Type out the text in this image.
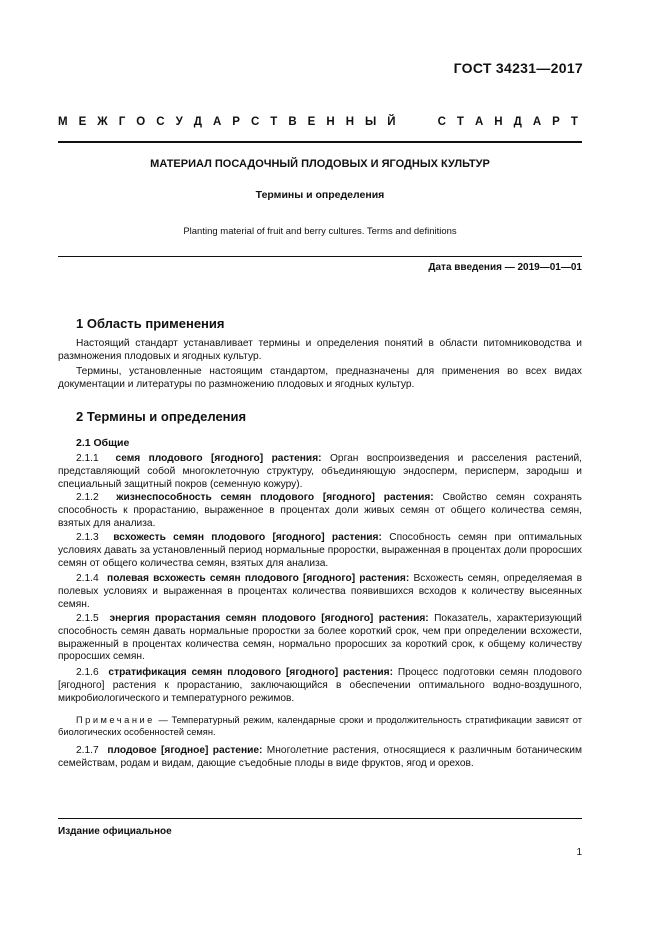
ГОСТ 34231—2017
М Е Ж Г О С У Д А Р С Т В Е Н Н Ы Й	С Т А Н Д А Р Т
МАТЕРИАЛ ПОСАДОЧНЫЙ ПЛОДОВЫХ И ЯГОДНЫХ КУЛЬТУР
Термины и определения
Planting material of fruit and berry cultures. Terms and definitions
Дата введения — 2019—01—01
1 Область применения
Настоящий стандарт устанавливает термины и определения понятий в области питомниководства и размножения плодовых и ягодных культур.
Термины, установленные настоящим стандартом, предназначены для применения во всех видах документации и литературы по размножению плодовых и ягодных культур.
2 Термины и определения
2.1 Общие
2.1.1 семя плодового [ягодного] растения: Орган воспроизведения и расселения растений, представляющий собой многоклеточную структуру, объединяющую эндосперм, перисперм, зародыш и специальный защитный покров (семенную кожуру).
2.1.2 жизнеспособность семян плодового [ягодного] растения: Свойство семян сохранять способность к прорастанию, выраженное в процентах доли живых семян от общего количества семян, взятых для анализа.
2.1.3 всхожесть семян плодового [ягодного] растения: Способность семян при оптимальных условиях давать за установленный период нормальные проростки, выраженная в процентах доли проросших семян от общего количества семян, взятых для анализа.
2.1.4 полевая всхожесть семян плодового [ягодного] растения: Всхожесть семян, определяемая в полевых условиях и выраженная в процентах количества появившихся всходов к количеству высеянных семян.
2.1.5 энергия прорастания семян плодового [ягодного] растения: Показатель, характеризующий способность семян давать нормальные проростки за более короткий срок, чем при определении всхожести, выраженный в процентах количества семян, нормально проросших за короткий срок, к общему количеству проросших семян.
2.1.6 стратификация семян плодового [ягодного] растения: Процесс подготовки семян плодового [ягодного] растения к прорастанию, заключающийся в обеспечении оптимального водно-воздушного, микробиологического и температурного режимов.
Примечание — Температурный режим, календарные сроки и продолжительность стратификации зависят от биологических особенностей семян.
2.1.7 плодовое [ягодное] растение: Многолетние растения, относящиеся к различным ботаническим семействам, родам и видам, дающие съедобные плоды в виде фруктов, ягод и орехов.
Издание официальное
1
